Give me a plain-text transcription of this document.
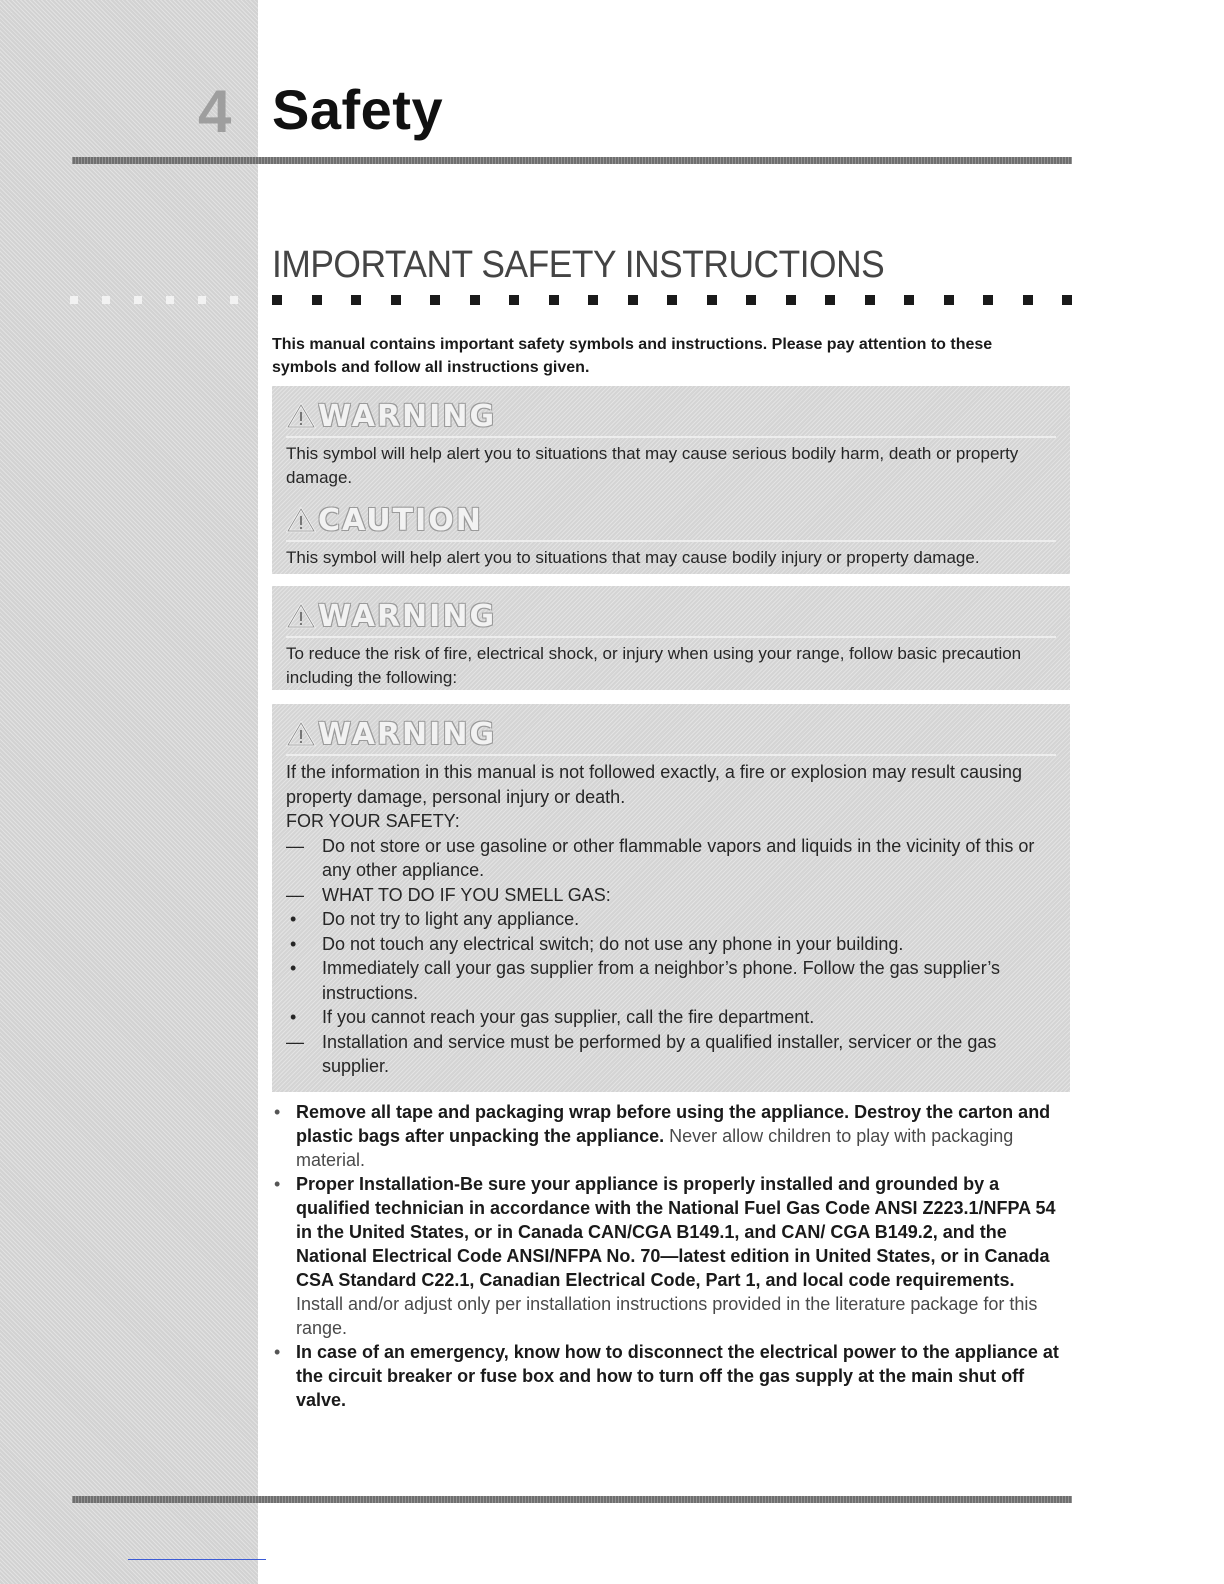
4 Safety
IMPORTANT SAFETY INSTRUCTIONS
This manual contains important safety symbols and instructions. Please pay attention to these symbols and follow all instructions given.
WARNING
This symbol will help alert you to situations that may cause serious bodily harm, death or property damage.
CAUTION
This symbol will help alert you to situations that may cause bodily injury or property damage.
WARNING
To reduce the risk of fire, electrical shock, or injury when using your range, follow basic precaution including the following:
WARNING
If the information in this manual is not followed exactly, a fire or explosion may result causing property damage, personal injury or death.
FOR YOUR SAFETY:
— Do not store or use gasoline or other flammable vapors and liquids in the vicinity of this or any other appliance.
— WHAT TO DO IF YOU SMELL GAS:
• Do not try to light any appliance.
• Do not touch any electrical switch; do not use any phone in your building.
• Immediately call your gas supplier from a neighbor’s phone. Follow the gas supplier’s instructions.
• If you cannot reach your gas supplier, call the fire department.
— Installation and service must be performed by a qualified installer, servicer or the gas supplier.
• Remove all tape and packaging wrap before using the appliance. Destroy the carton and plastic bags after unpacking the appliance. Never allow children to play with packaging material.
• Proper Installation-Be sure your appliance is properly installed and grounded by a qualified technician in accordance with the National Fuel Gas Code ANSI Z223.1/NFPA 54 in the United States, or in Canada CAN/CGA B149.1, and CAN/ CGA B149.2, and the National Electrical Code ANSI/NFPA No. 70—latest edition in United States, or in Canada CSA Standard C22.1, Canadian Electrical Code, Part 1, and local code requirements. Install and/or adjust only per installation instructions provided in the literature package for this range.
• In case of an emergency, know how to disconnect the electrical power to the appliance at the circuit breaker or fuse box and how to turn off the gas supply at the main shut off valve.
